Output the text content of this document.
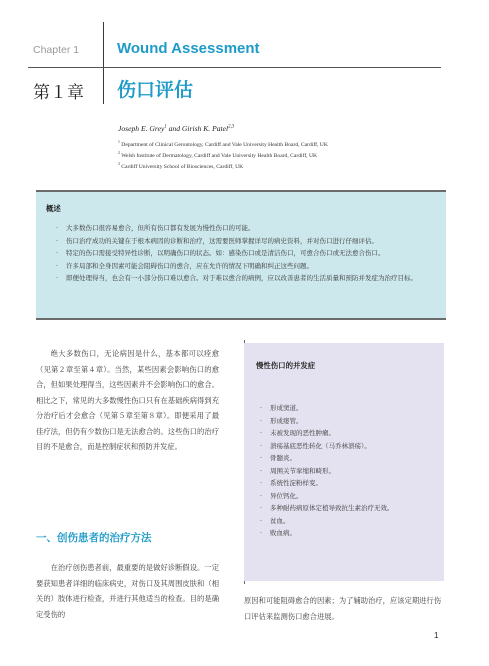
Chapter 1	Wound Assessment
第１章 伤口评估
Joseph E. Grey$^1$ and Girish K. Patel$^{2,3}$
$^1$ Department of Clinical Gerontology, Cardiff and Vale University Health Board, Cardiff, UK
$^2$ Welsh Institute of Dermatology, Cardiff and Vale University Health Board, Cardiff, UK
$^3$ Cardiff University School of Biosciences, Cardiff, UK
概述
· 大多数伤口很容易愈合，但所有伤口都有发展为慢性伤口的可能。
· 伤口治疗成功的关键在于根本病因的诊断和治疗，这需要医师掌握详尽的病史资料，并对伤口进行仔细评估。
· 特定的伤口需接受特异性诊断，以明确伤口的状态。如：感染伤口或是清洁伤口，可愈合伤口或无法愈合伤口。
· 许多局部和全身因素可能会阻碍伤口的愈合，应在允许的情况下明确和纠正这些问题。
· 即便处理得当，也会有一小部分伤口难以愈合。对于难以愈合的病例，应以改善患者的生活质量和预防并发症为治疗目标。

绝大多数伤口，无论病因是什么，基本都可以痊愈（见第２章至第４章）。当然，某些因素会影响伤口的愈合，但如果处理得当，这些因素并不会影响伤口的愈合。相比之下，常见的大多数慢性伤口只有在基础疾病得到充分治疗后才会愈合（见第５章至第８章）。即便采用了最佳疗法，但仍有少数伤口是无法愈合的。这些伤口的治疗目的不是愈合，而是控制症状和预防并发症。

一、创伤患者的治疗方法

在治疗创伤患者前，最重要的是做好诊断假设。一定要获知患者详细的临床病史，对伤口及其周围皮肤和（相关的）肢体进行检查，并进行其他适当的检查。目的是确定受伤的

慢性伤口的并发症
· 形成窦道。
· 形成瘘管。
· 未被发现的恶性肿瘤。
· 溃疡基底恶性转化（马乔林溃疡）。
· 骨髓炎。
· 周围关节挛缩和畸形。
· 系统性淀粉样变。
· 异位钙化。
· 多种耐药病原体定植导致抗生素治疗无效。
· 贫血。
· 败血病。
原因和可能阻碍愈合的因素；为了辅助治疗，应该定期进行伤口评估来监测伤口愈合进展。
1
